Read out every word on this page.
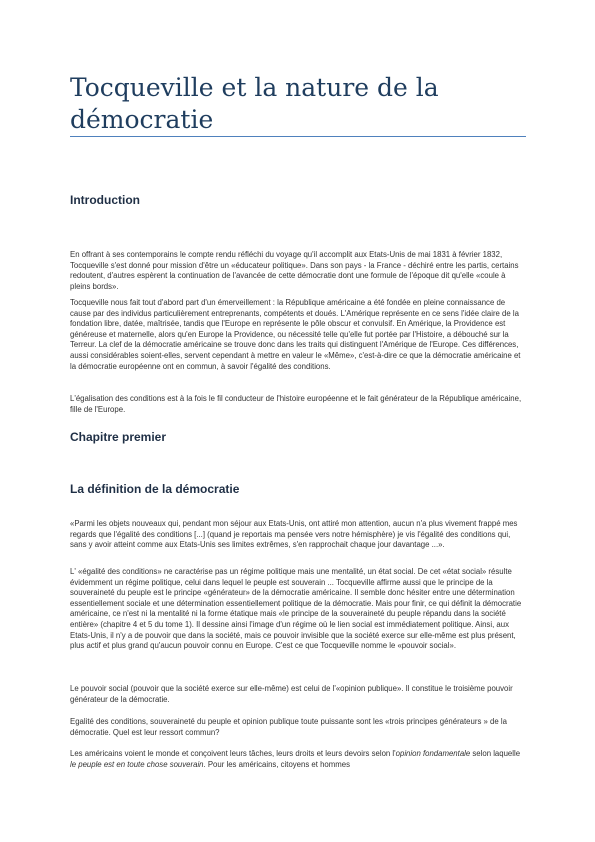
Tocqueville et la nature de la démocratie
Introduction

En offrant à ses contemporains le compte rendu réfléchi du voyage qu'il accomplit aux Etats-Unis de mai 1831 à février 1832, Tocqueville s'est donné pour mission d'être un «éducateur politique». Dans son pays - la France - déchiré entre les partis, certains redoutent, d'autres espèrent la continuation de l'avancée de cette démocratie dont une formule de l'époque dit qu'elle «coule à pleins bords».

Tocqueville nous fait tout d'abord part d'un émerveillement : la République américaine a été fondée en pleine connaissance de cause par des individus particulièrement entreprenants, compétents et doués. L'Amérique représente en ce sens l'idée claire de la fondation libre, datée, maîtrisée, tandis que l'Europe en représente le pôle obscur et convulsif. En Amérique, la Providence est généreuse et maternelle, alors qu'en Europe la Providence, ou nécessité telle qu'elle fut portée par l'Histoire, a débouché sur la Terreur. La clef de la démocratie américaine se trouve donc dans les traits qui distinguent l'Amérique de l'Europe. Ces différences, aussi considérables soient-elles, servent cependant à mettre en valeur le «Même», c'est-à-dire ce que la démocratie américaine et la démocratie européenne ont en commun, à savoir l'égalité des conditions.

L'égalisation des conditions est à la fois le fil conducteur de l'histoire européenne et le fait générateur de la République américaine, fille de l'Europe.

Chapitre premier
La définition de la démocratie

«Parmi les objets nouveaux qui, pendant mon séjour aux Etats-Unis, ont attiré mon attention, aucun n'a plus vivement frappé mes regards que l'égalité des conditions [...] (quand je reportais ma pensée vers notre hémisphère) je vis l'égalité des conditions qui, sans y avoir atteint comme aux Etats-Unis ses limites extrêmes, s'en rapprochait chaque jour davantage ...».

L' «égalité des conditions» ne caractérise pas un régime politique mais une mentalité, un état social. De cet «état social» résulte évidemment un régime politique, celui dans lequel le peuple est souverain ... Tocqueville affirme aussi que le principe de la souveraineté du peuple est le principe «générateur» de la démocratie américaine. Il semble donc hésiter entre une détermination essentiellement sociale et une détermination essentiellement politique de la démocratie. Mais pour finir, ce qui définit la démocratie américaine, ce n'est ni la mentalité ni la forme étatique mais «le principe de la souveraineté du peuple répandu dans la société entière» (chapitre 4 et 5 du tome 1). Il dessine ainsi l'image d'un régime où le lien social est immédiatement politique. Ainsi, aux Etats-Unis, il n'y a de pouvoir que dans la société, mais ce pouvoir invisible que la société exerce sur elle-même est plus présent, plus actif et plus grand qu'aucun pouvoir connu en Europe. C'est ce que Tocqueville nomme le «pouvoir social».

Le pouvoir social (pouvoir que la société exerce sur elle-même) est celui de l'«opinion publique». Il constitue le troisième pouvoir générateur de la démocratie.

Egalité des conditions, souveraineté du peuple et opinion publique toute puissante sont les «trois principes générateurs » de la démocratie. Quel est leur ressort commun?

Les américains voient le monde et conçoivent leurs tâches, leurs droits et leurs devoirs selon l'opinion fondamentale selon laquelle le peuple est en toute chose souverain. Pour les américains, citoyens et hommes
